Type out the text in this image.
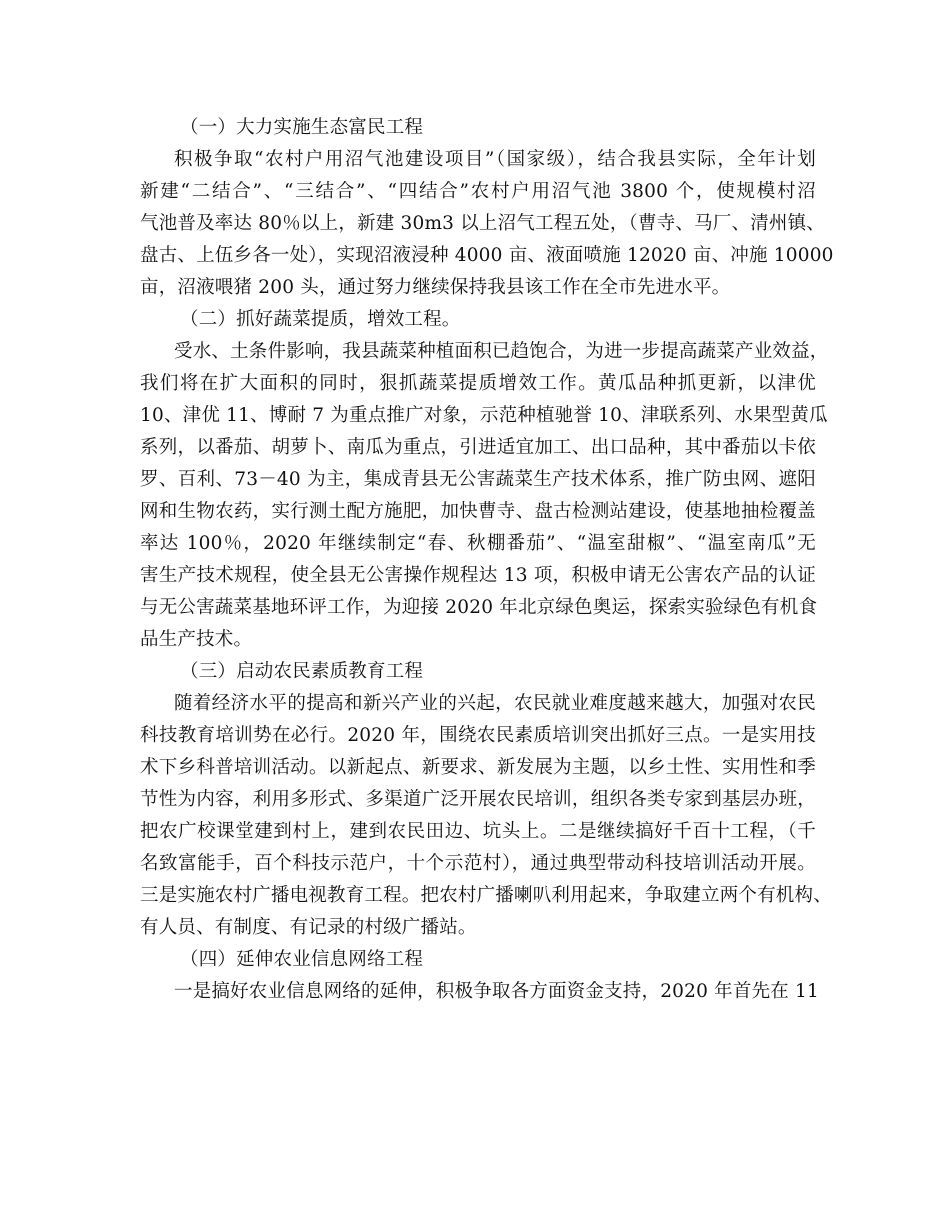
（一）大力实施生态富民工程
积极争取“农村户用沼气池建设项目”（国家级），结合我县实际，全年计划
新建“二结合”、“三结合”、“四结合”农村户用沼气池 3800 个，使规模村沼
气池普及率达 80％以上，新建 30m3 以上沼气工程五处，（曹寺、马厂、清州镇、
盘古、上伍乡各一处），实现沼液浸种 4000 亩、液面喷施 12020 亩、冲施 10000
亩，沼液喂猪 200 头，通过努力继续保持我县该工作在全市先进水平。
（二）抓好蔬菜提质，增效工程。
受水、土条件影响，我县蔬菜种植面积已趋饱合，为进一步提高蔬菜产业效益，
我们将在扩大面积的同时，狠抓蔬菜提质增效工作。黄瓜品种抓更新，以津优
10、津优 11、博耐 7 为重点推广对象，示范种植驰誉 10、津联系列、水果型黄瓜
系列，以番茄、胡萝卜、南瓜为重点，引进适宜加工、出口品种，其中番茄以卡依
罗、百利、73－40 为主，集成青县无公害蔬菜生产技术体系，推广防虫网、遮阳
网和生物农药，实行测土配方施肥，加快曹寺、盘古检测站建设，使基地抽检覆盖
率达 100％，2020 年继续制定“春、秋棚番茄”、“温室甜椒”、“温室南瓜”无
害生产技术规程，使全县无公害操作规程达 13 项，积极申请无公害农产品的认证
与无公害蔬菜基地环评工作，为迎接 2020 年北京绿色奥运，探索实验绿色有机食
品生产技术。
（三）启动农民素质教育工程
随着经济水平的提高和新兴产业的兴起，农民就业难度越来越大，加强对农民
科技教育培训势在必行。2020 年，围绕农民素质培训突出抓好三点。一是实用技
术下乡科普培训活动。以新起点、新要求、新发展为主题，以乡土性、实用性和季
节性为内容，利用多形式、多渠道广泛开展农民培训，组织各类专家到基层办班，
把农广校课堂建到村上，建到农民田边、坑头上。二是继续搞好千百十工程，（千
名致富能手，百个科技示范户，十个示范村），通过典型带动科技培训活动开展。
三是实施农村广播电视教育工程。把农村广播喇叭利用起来，争取建立两个有机构、
有人员、有制度、有记录的村级广播站。
（四）延伸农业信息网络工程
一是搞好农业信息网络的延伸，积极争取各方面资金支持，2020 年首先在 11
